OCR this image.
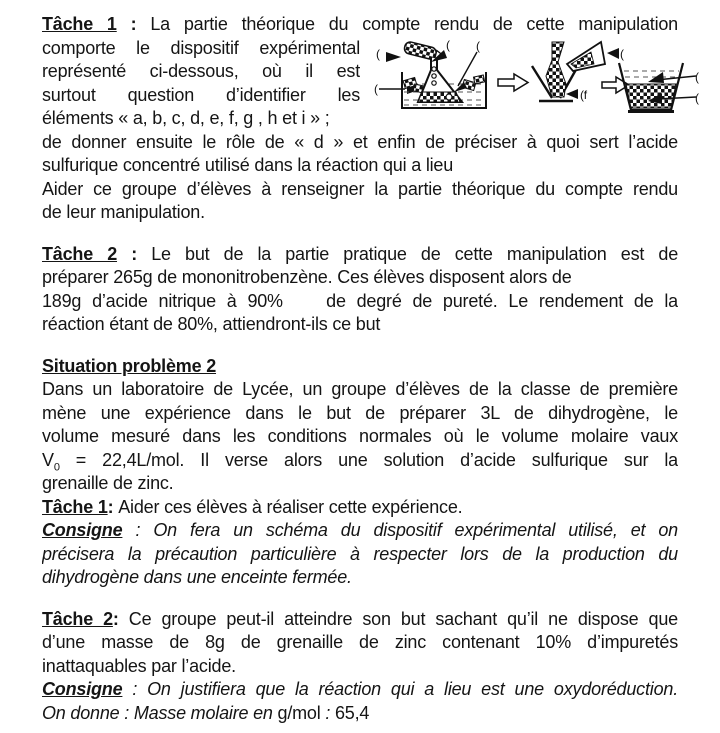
(
(
( (
(
(f
(
(
Tâche 1 : La partie théorique du compte rendu de cette manipulation
comporte le dispositif expérimental
représenté ci-dessous, où il est
surtout question d’identifier les
éléments « a, b, c, d, e, f, g , h et i » ;
de donner ensuite le rôle de « d » et enfin de préciser à quoi sert l’acide
sulfurique concentré utilisé dans la réaction qui a lieu
Aider ce groupe d’élèves à renseigner la partie théorique du compte rendu
de leur manipulation.
Tâche 2 : Le but de la partie pratique de cette manipulation est de
préparer 265g de mononitrobenzène. Ces élèves disposent alors de
189g d’acide nitrique à 90%    de degré de pureté. Le rendement de la
réaction étant de 80%, attiendront-ils ce but
Situation problème 2
Dans un laboratoire de Lycée, un groupe d’élèves de la classe de première
mène une expérience dans le but de préparer 3L de dihydrogène, le
volume mesuré dans les conditions normales où le volume molaire vaux
$V_0 = 22,4L/mol$. Il verse alors une solution d’acide sulfurique sur la
grenaille de zinc.
Tâche 1: Aider ces élèves à réaliser cette expérience.
Consigne : On fera un schéma du dispositif expérimental utilisé, et on
précisera la précaution particulière à respecter lors de la production du
dihydrogène dans une enceinte fermée.
Tâche 2: Ce groupe peut-il atteindre son but sachant qu’il ne dispose que
d’une masse de 8g de grenaille de zinc contenant 10% d’impuretés
inattaquables par l’acide.
Consigne : On justifiera que la réaction qui a lieu est une oxydoréduction.
On donne : Masse molaire en g/mol : 65,4
